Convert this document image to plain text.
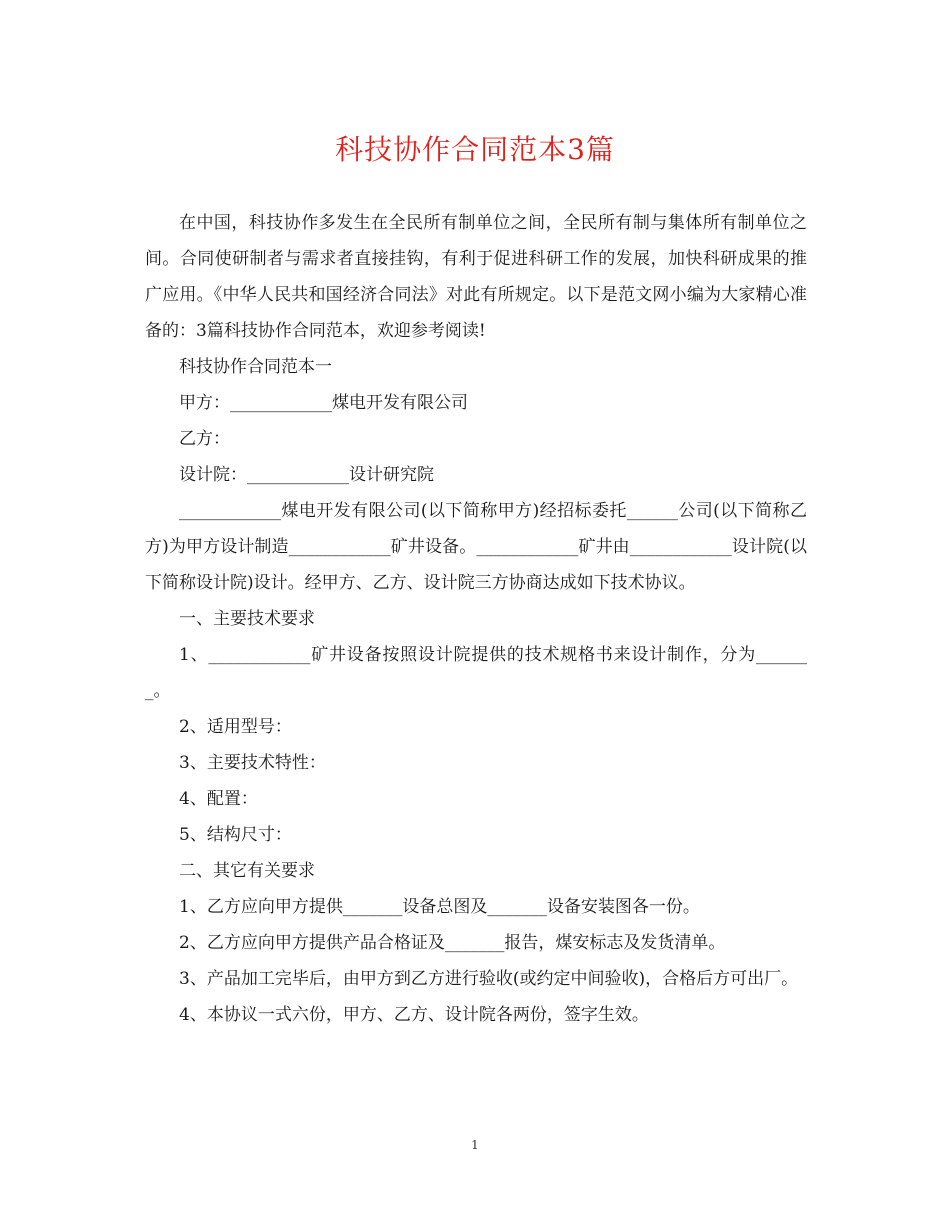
科技协作合同范本3篇

在中国，科技协作多发生在全民所有制单位之间，全民所有制与集体所有制单位之间。合同使研制者与需求者直接挂钩，有利于促进科研工作的发展，加快科研成果的推广应用。《中华人民共和国经济合同法》对此有所规定。以下是范文网小编为大家精心准备的：3篇科技协作合同范本，欢迎参考阅读!

科技协作合同范本一

甲方：____________煤电开发有限公司

乙方：

设计院：____________设计研究院

____________煤电开发有限公司(以下简称甲方)经招标委托______公司(以下简称乙方)为甲方设计制造____________矿井设备。____________矿井由____________设计院(以下简称设计院)设计。经甲方、乙方、设计院三方协商达成如下技术协议。

一、主要技术要求

1、____________矿井设备按照设计院提供的技术规格书来设计制作，分为_______。

2、适用型号：

3、主要技术特性：

4、配置：

5、结构尺寸：

二、其它有关要求

1、乙方应向甲方提供_______设备总图及_______设备安装图各一份。

2、乙方应向甲方提供产品合格证及_______报告，煤安标志及发货清单。

3、产品加工完毕后，由甲方到乙方进行验收(或约定中间验收)，合格后方可出厂。

4、本协议一式六份，甲方、乙方、设计院各两份，签字生效。

1
